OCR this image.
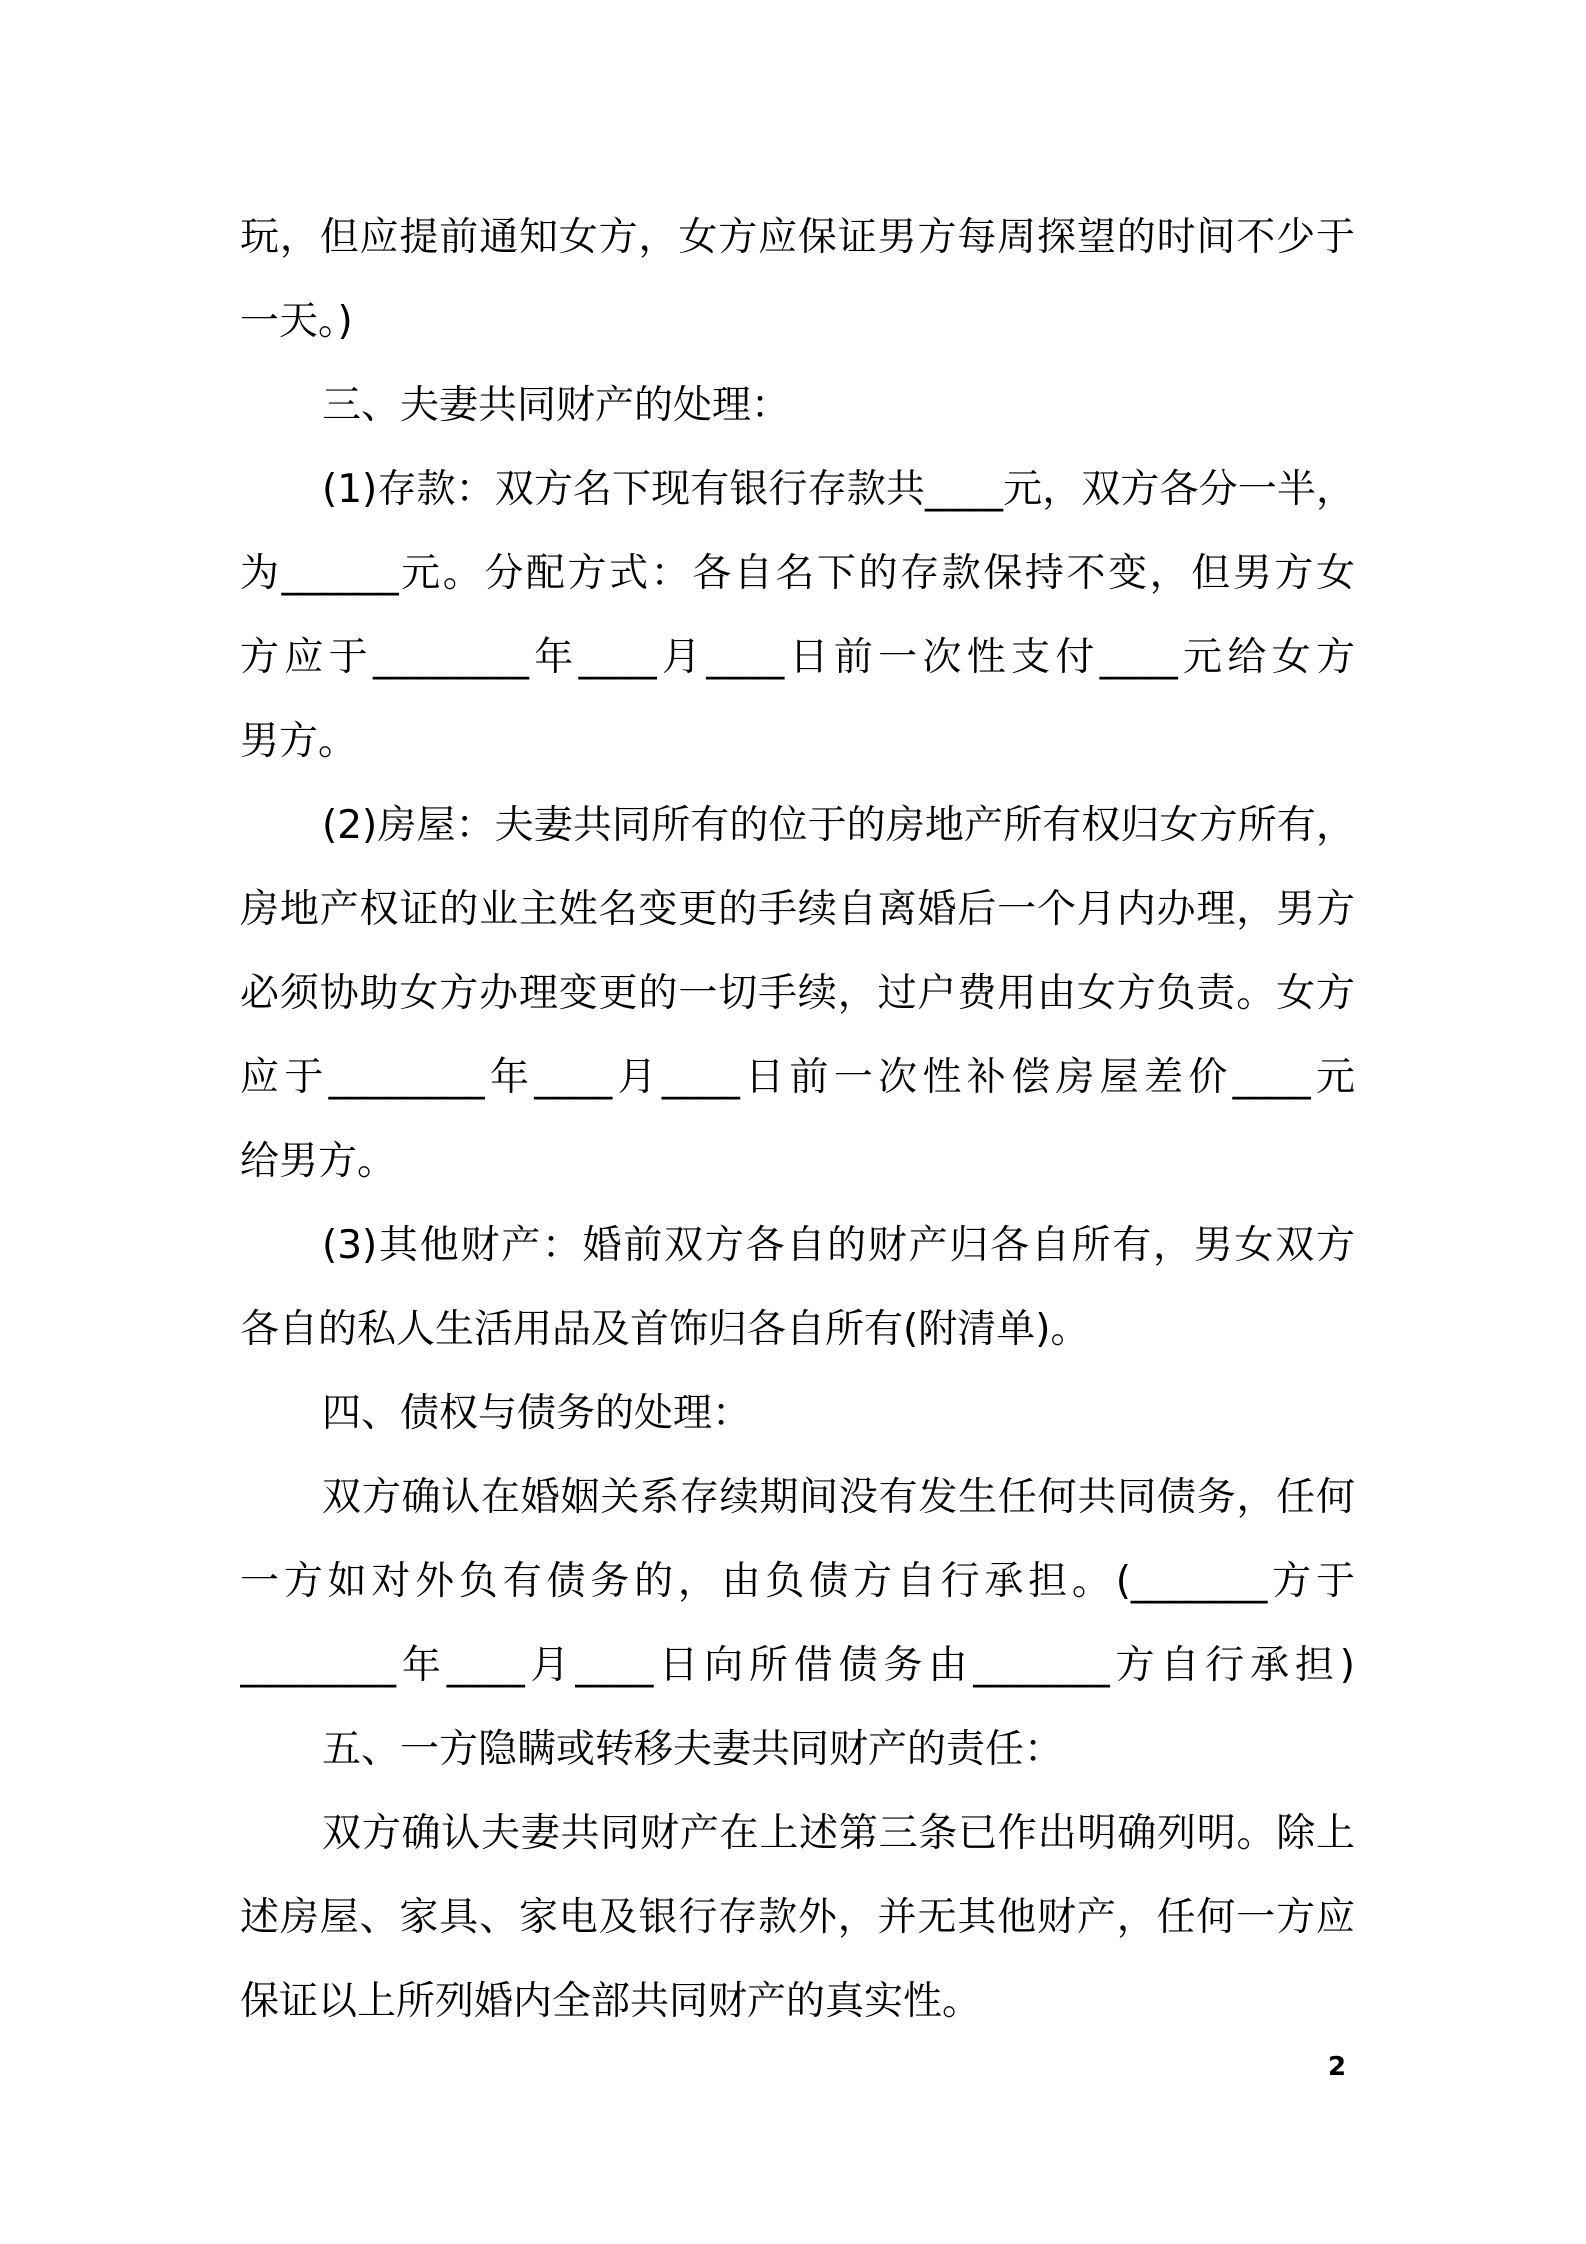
玩，但应提前通知女方，女方应保证男方每周探望的时间不少于
一天。)
三、夫妻共同财产的处理：
(1)存款：双方名下现有银行存款共____元，双方各分一半，
为______元。分配方式：各自名下的存款保持不变，但男方女
方应于________年____月____日前一次性支付____元给女方
男方。
(2)房屋：夫妻共同所有的位于的房地产所有权归女方所有，
房地产权证的业主姓名变更的手续自离婚后一个月内办理，男方
必须协助女方办理变更的一切手续，过户费用由女方负责。女方
应于________年____月____日前一次性补偿房屋差价____元
给男方。
(3)其他财产：婚前双方各自的财产归各自所有，男女双方
各自的私人生活用品及首饰归各自所有(附清单)。
四、债权与债务的处理：
双方确认在婚姻关系存续期间没有发生任何共同债务，任何
一方如对外负有债务的，由负债方自行承担。(_______方于
________年____月____日向所借债务由_______方自行承担)
五、一方隐瞒或转移夫妻共同财产的责任：
双方确认夫妻共同财产在上述第三条已作出明确列明。除上
述房屋、家具、家电及银行存款外，并无其他财产，任何一方应
保证以上所列婚内全部共同财产的真实性。
2
